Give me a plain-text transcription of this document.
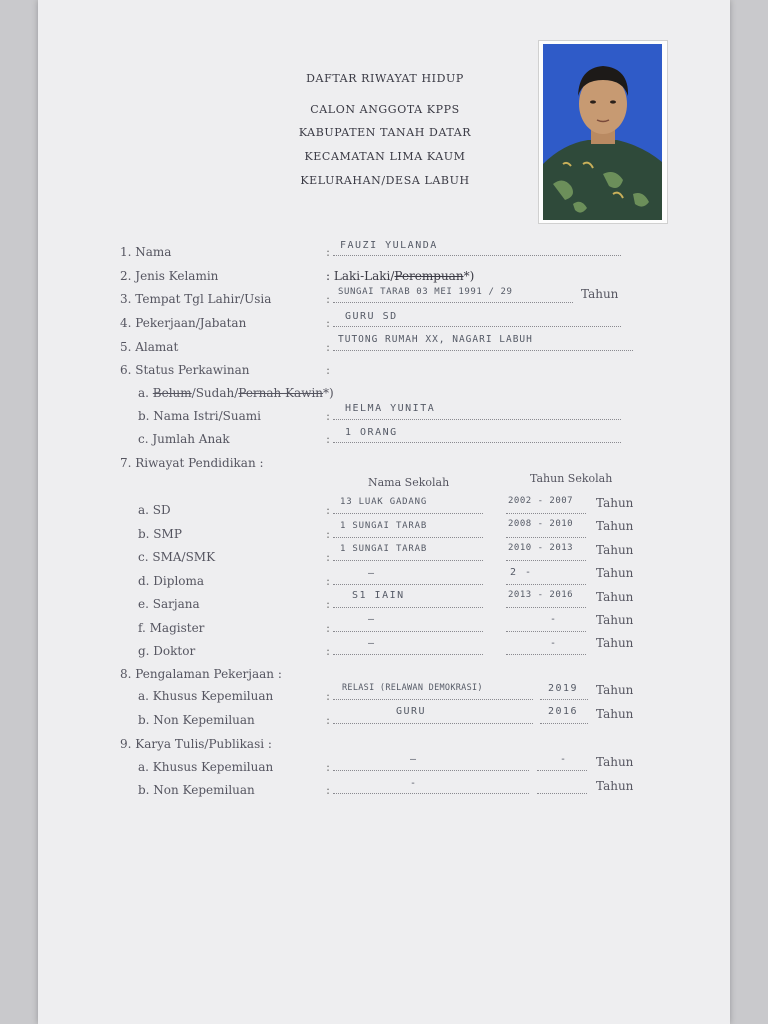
DAFTAR RIWAYAT HIDUP
CALON ANGGOTA KPPS
KABUPATEN TANAH DATAR
KECAMATAN LIMA KAUM
KELURAHAN/DESA LABUH
1. Nama	: FAUZI YULANDA
2. Jenis Kelamin	: Laki-Laki/Perempuan*)
3. Tempat Tgl Lahir/Usia	: SUNGAI TARAB 03 MEI 1991 / 29	Tahun
4. Pekerjaan/Jabatan	: GURU SD
5. Alamat	:
TUTONG RUMAH XX, NAGARI LABUH
6. Status Perkawinan	:
a. Belum/Sudah/Pernah Kawin*)
b. Nama Istri/Suami	:
HELMA YUNITA
c. Jumlah Anak	: 1 ORANG
7. Riwayat Pendidikan :
Nama Sekolah	Tahun Sekolah
a. SD	:
13 LUAK GADANG	2002 - 2007 Tahun
b. SMP	:
1 SUNGAI TARAB	2008 - 2010 Tahun
c. SMA/SMK	:
1 SUNGAI TARAB	2010 - 2013 Tahun
d. Diploma	:
—	2 -	Tahun
e. Sarjana	:
S1 IAIN	2013 - 2016 Tahun
f. Magister	:
—	-	Tahun
g. Doktor	:
—	-	Tahun
8. Pengalaman Pekerjaan :
a. Khusus Kepemiluan	:
RELASI (RELAWAN DEMOKRASI)	2019 Tahun
b. Non Kepemiluan	:
GURU	2016 Tahun
9. Karya Tulis/Publikasi :
a. Khusus Kepemiluan	:
—	- Tahun
b. Non Kepemiluan	:	-	Tahun
